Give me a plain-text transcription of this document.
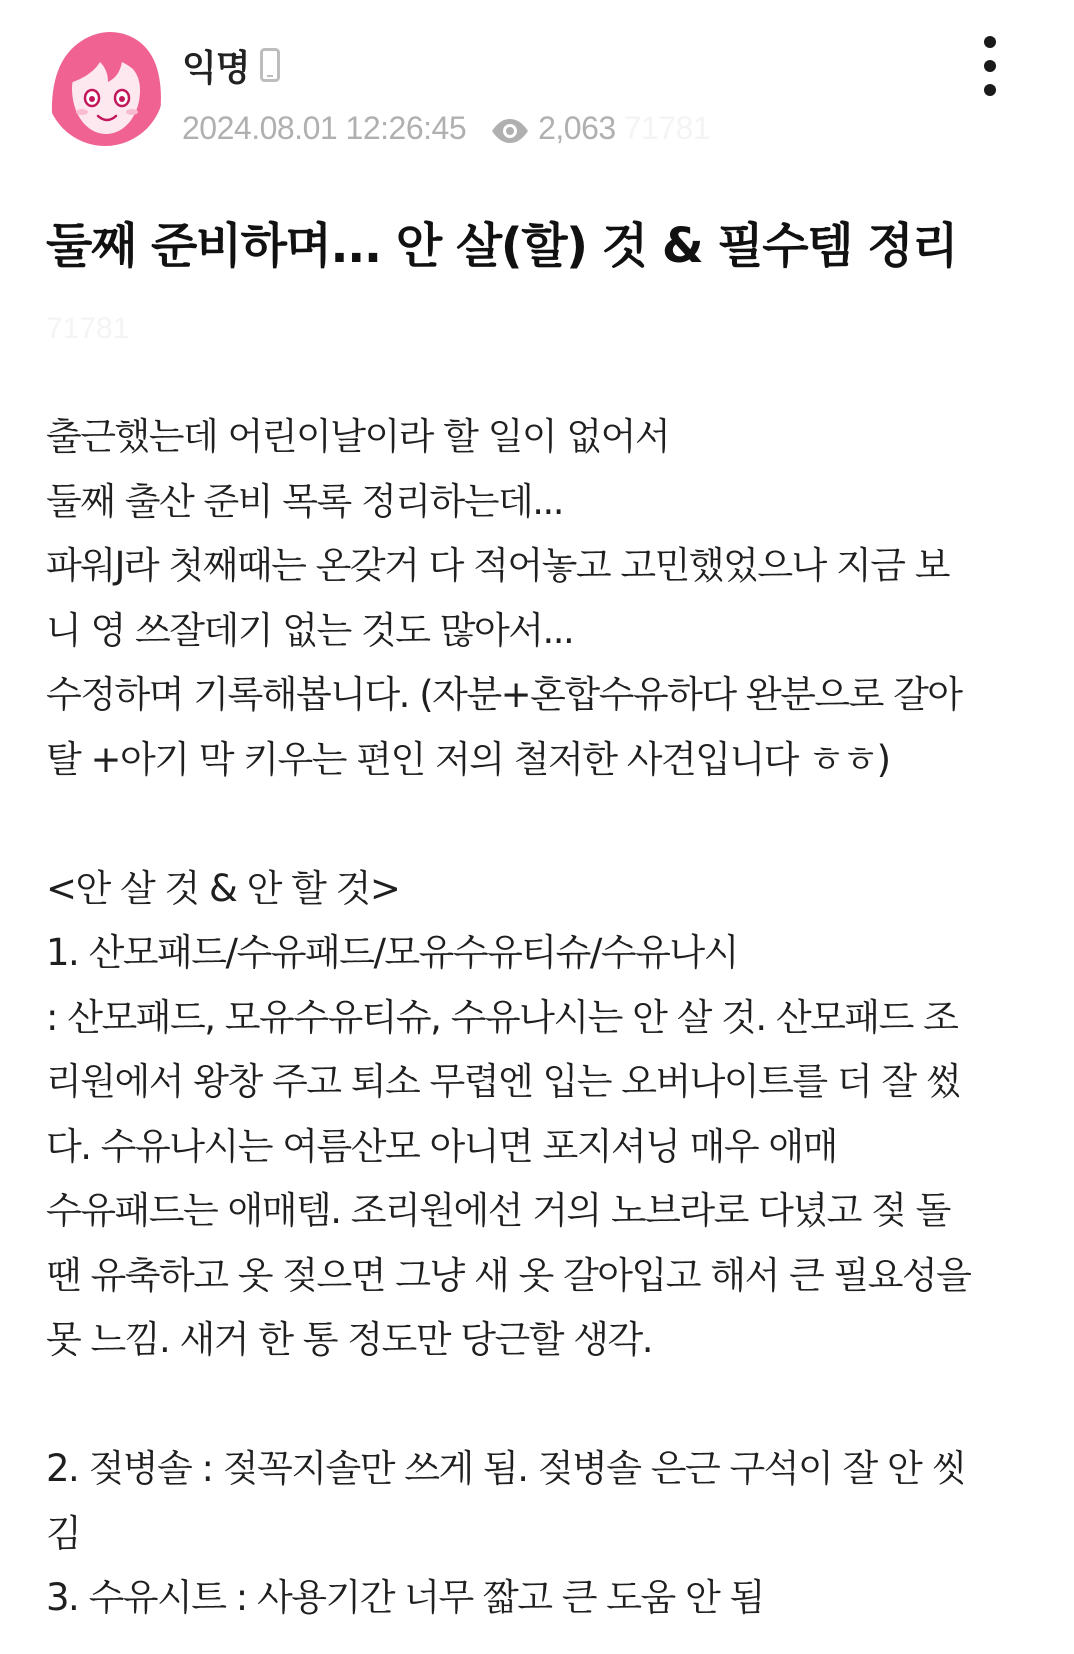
익명
2024.08.01 12:26:45 2,063 71781
둘째 준비하며... 안 살(할) 것 & 필수템 정리
71781
출근했는데 어린이날이라 할 일이 없어서
둘째 출산 준비 목록 정리하는데...
파워J라 첫째때는 온갖거 다 적어놓고 고민했었으나 지금 보
니 영 쓰잘데기 없는 것도 많아서...
수정하며 기록해봅니다. (자분+혼합수유하다 완분으로 갈아
탈 +아기 막 키우는 편인 저의 철저한 사견입니다 ㅎㅎ)
<안 살 것 & 안 할 것>
1. 산모패드/수유패드/모유수유티슈/수유나시
: 산모패드, 모유수유티슈, 수유나시는 안 살 것. 산모패드 조
리원에서 왕창 주고 퇴소 무렵엔 입는 오버나이트를 더 잘 썼
다. 수유나시는 여름산모 아니면 포지셔닝 매우 애매
수유패드는 애매템. 조리원에선 거의 노브라로 다녔고 젖 돌
땐 유축하고 옷 젖으면 그냥 새 옷 갈아입고 해서 큰 필요성을
못 느낌. 새거 한 통 정도만 당근할 생각.
2. 젖병솔 : 젖꼭지솔만 쓰게 됨. 젖병솔 은근 구석이 잘 안 씻
김
3. 수유시트 : 사용기간 너무 짧고 큰 도움 안 됨
